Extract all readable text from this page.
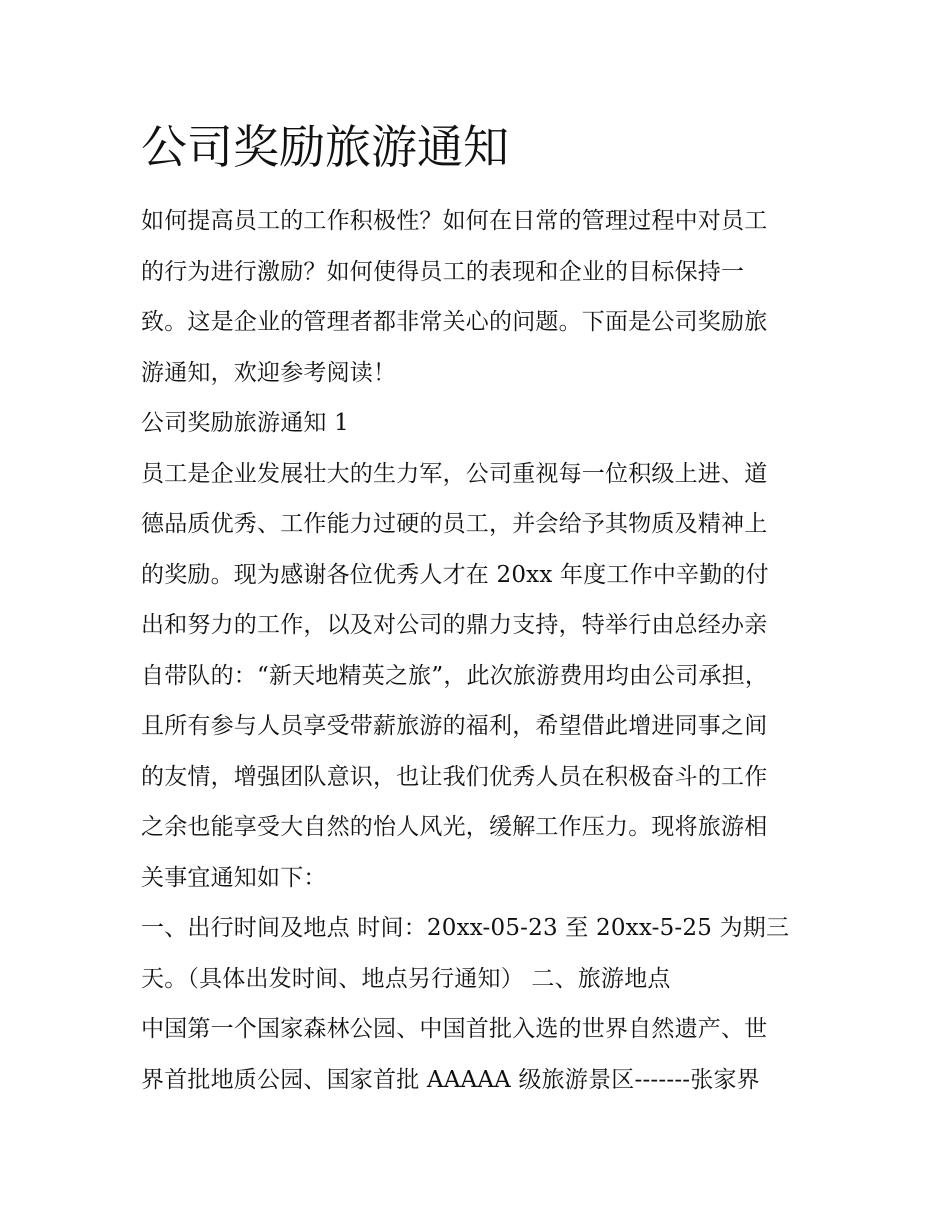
公司奖励旅游通知
如何提高员工的工作积极性？如何在日常的管理过程中对员工
的行为进行激励？如何使得员工的表现和企业的目标保持一
致。这是企业的管理者都非常关心的问题。下面是公司奖励旅
游通知，欢迎参考阅读！
公司奖励旅游通知 1
员工是企业发展壮大的生力军，公司重视每一位积级上进、道
德品质优秀、工作能力过硬的员工，并会给予其物质及精神上
的奖励。现为感谢各位优秀人才在 20xx 年度工作中辛勤的付
出和努力的工作，以及对公司的鼎力支持，特举行由总经办亲
自带队的：“新天地精英之旅”，此次旅游费用均由公司承担，
且所有参与人员享受带薪旅游的福利，希望借此增进同事之间
的友情，增强团队意识，也让我们优秀人员在积极奋斗的工作
之余也能享受大自然的怡人风光，缓解工作压力。现将旅游相
关事宜通知如下：
一、出行时间及地点 时间：20xx-05-23 至 20xx-5-25 为期三
天。（具体出发时间、地点另行通知） 二、旅游地点
中国第一个国家森林公园、中国首批入选的世界自然遗产、世
界首批地质公园、国家首批 AAAAA 级旅游景区-------张家界
